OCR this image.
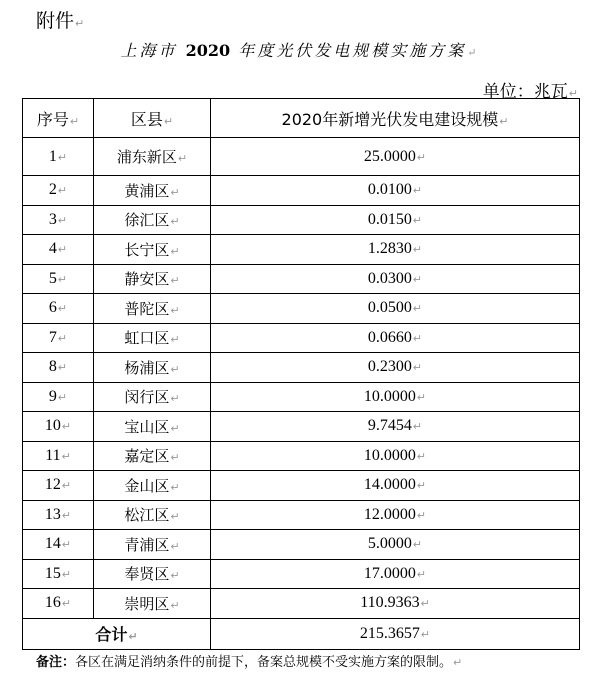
附件↵
上海市 2020 年度光伏发电规模实施方案↵
单位：兆瓦↵
序号↵	区县↵	2020年新增光伏发电建设规模↵
1↵	浦东新区↵	25.0000↵
2↵	黄浦区↵	0.0100↵
3↵	徐汇区↵	0.0150↵
4↵	长宁区↵	1.2830↵
5↵	静安区↵	0.0300↵
6↵	普陀区↵	0.0500↵
7↵	虹口区↵	0.0660↵
8↵	杨浦区↵	0.2300↵
9↵	闵行区↵	10.0000↵
10↵	宝山区↵	9.7454↵
11↵	嘉定区↵	10.0000↵
12↵	金山区↵	14.0000↵
13↵	松江区↵	12.0000↵
14↵	青浦区↵	5.0000↵
15↵	奉贤区↵	17.0000↵
16↵	崇明区↵	110.9363↵
合计↵		215.3657↵
备注：各区在满足消纳条件的前提下，备案总规模不受实施方案的限制。↵
